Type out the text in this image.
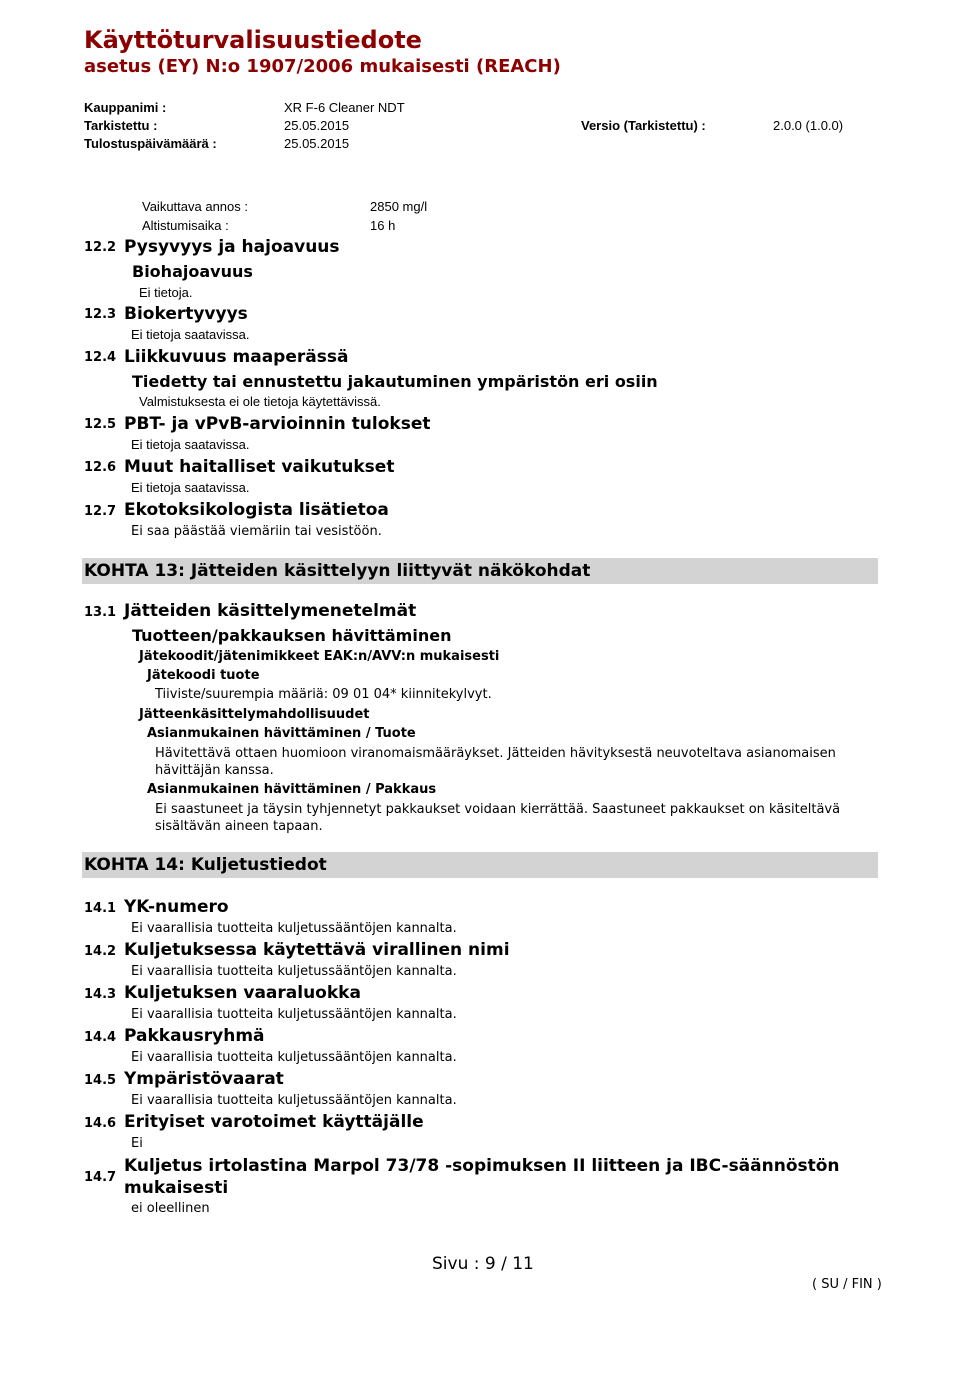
Käyttöturvalisuustiedote
asetus (EY) N:o 1907/2006 mukaisesti (REACH)
Kauppanimi :	XR F-6 Cleaner NDT
Tarkistettu :	25.05.2015	Versio (Tarkistettu) :	2.0.0 (1.0.0)
Tulostuspäivämäärä :	25.05.2015
Vaikuttava annos :	2850 mg/l
Altistumisaika :	16 h
12.2 Pysyvyys ja hajoavuus
Biohajoavuus
Ei tietoja.
12.3 Biokertyvyys
Ei tietoja saatavissa.
12.4 Liikkuvuus maaperässä
Tiedetty tai ennustettu jakautuminen ympäristön eri osiin
Valmistuksesta ei ole tietoja käytettävissä.
12.5 PBT- ja vPvB-arvioinnin tulokset
Ei tietoja saatavissa.
12.6 Muut haitalliset vaikutukset
Ei tietoja saatavissa.
12.7 Ekotoksikologista lisätietoa
Ei saa päästää viemäriin tai vesistöön.
KOHTA 13: Jätteiden käsittelyyn liittyvät näkökohdat
13.1 Jätteiden käsittelymenetelmät
Tuotteen/pakkauksen hävittäminen
Jätekoodit/jätenimikkeet EAK:n/AVV:n mukaisesti
Jätekoodi tuote
Tiiviste/suurempia määriä: 09 01 04* kiinnitekylvyt.
Jätteenkäsittelymahdollisuudet
Asianmukainen hävittäminen / Tuote
Hävitettävä ottaen huomioon viranomaismääräykset. Jätteiden hävityksestä neuvoteltava asianomaisen hävittäjän kanssa.
Asianmukainen hävittäminen / Pakkaus
Ei saastuneet ja täysin tyhjennetyt pakkaukset voidaan kierrättää. Saastuneet pakkaukset on käsiteltävä sisältävän aineen tapaan.
KOHTA 14: Kuljetustiedot
14.1 YK-numero
Ei vaarallisia tuotteita kuljetussääntöjen kannalta.
14.2 Kuljetuksessa käytettävä virallinen nimi
Ei vaarallisia tuotteita kuljetussääntöjen kannalta.
14.3 Kuljetuksen vaaraluokka
Ei vaarallisia tuotteita kuljetussääntöjen kannalta.
14.4 Pakkausryhmä
Ei vaarallisia tuotteita kuljetussääntöjen kannalta.
14.5 Ympäristövaarat
Ei vaarallisia tuotteita kuljetussääntöjen kannalta.
14.6 Erityiset varotoimet käyttäjälle
Ei
14.7
Kuljetus irtolastina Marpol 73/78 -sopimuksen II liitteen ja IBC-säännöstön
mukaisesti
ei oleellinen
Sivu : 9 / 11
( SU / FIN )
